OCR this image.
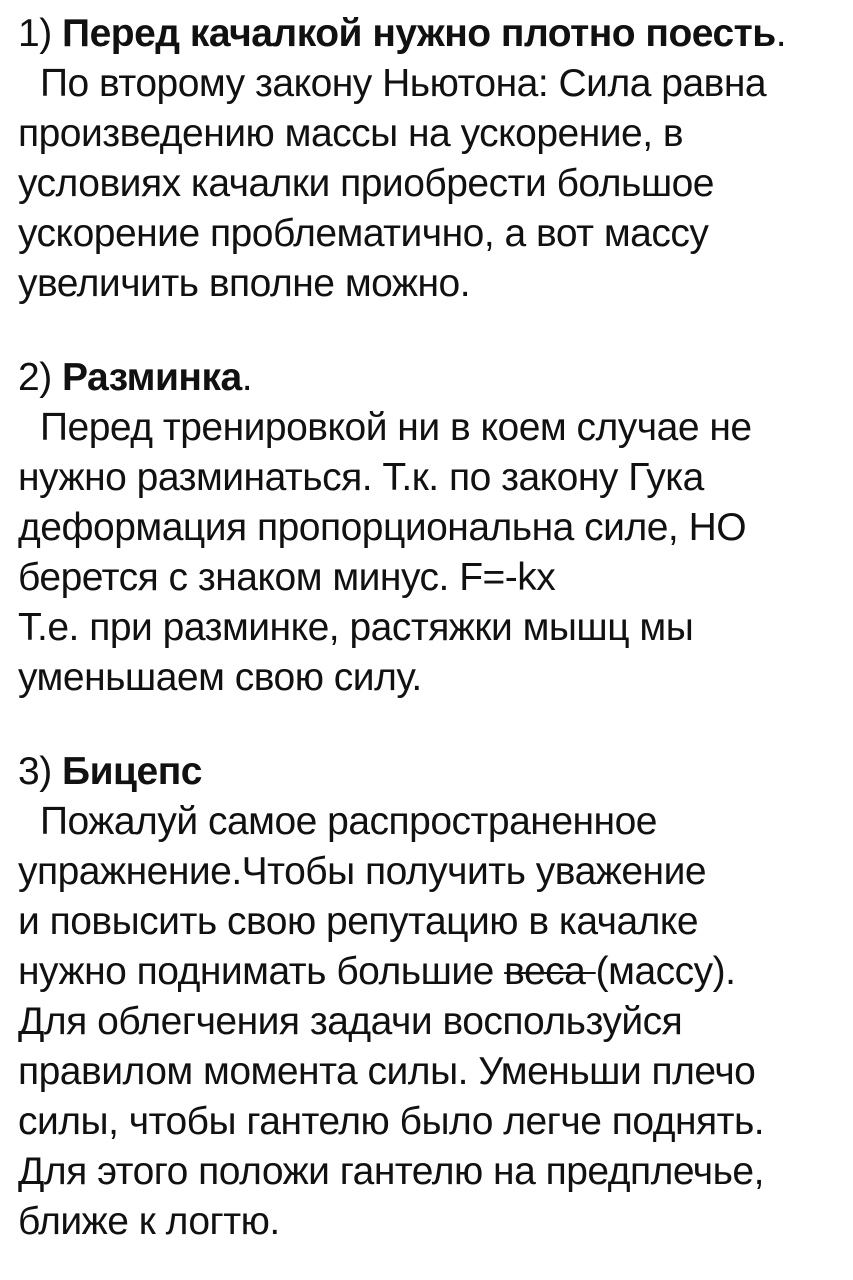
1) Перед качалкой нужно плотно поесть.
По второму закону Ньютона: Сила равна
произведению массы на ускорение, в
условиях качалки приобрести большое
ускорение проблематично, а вот массу
увеличить вполне можно.
2) Разминка.
Перед тренировкой ни в коем случае не
нужно разминаться. Т.к. по закону Гука
деформация пропорциональна силе, НО
берется с знаком минус. F=-kx
Т.е. при разминке, растяжки мышц мы
уменьшаем свою силу.
3) Бицепс
Пожалуй самое распространенное
упражнение.Чтобы получить уважение
и повысить свою репутацию в качалке
нужно поднимать большие веса (массу).
Для облегчения задачи воспользуйся
правилом момента силы. Уменьши плечо
силы, чтобы гантелю было легче поднять.
Для этого положи гантелю на предплечье,
ближе к логтю.
